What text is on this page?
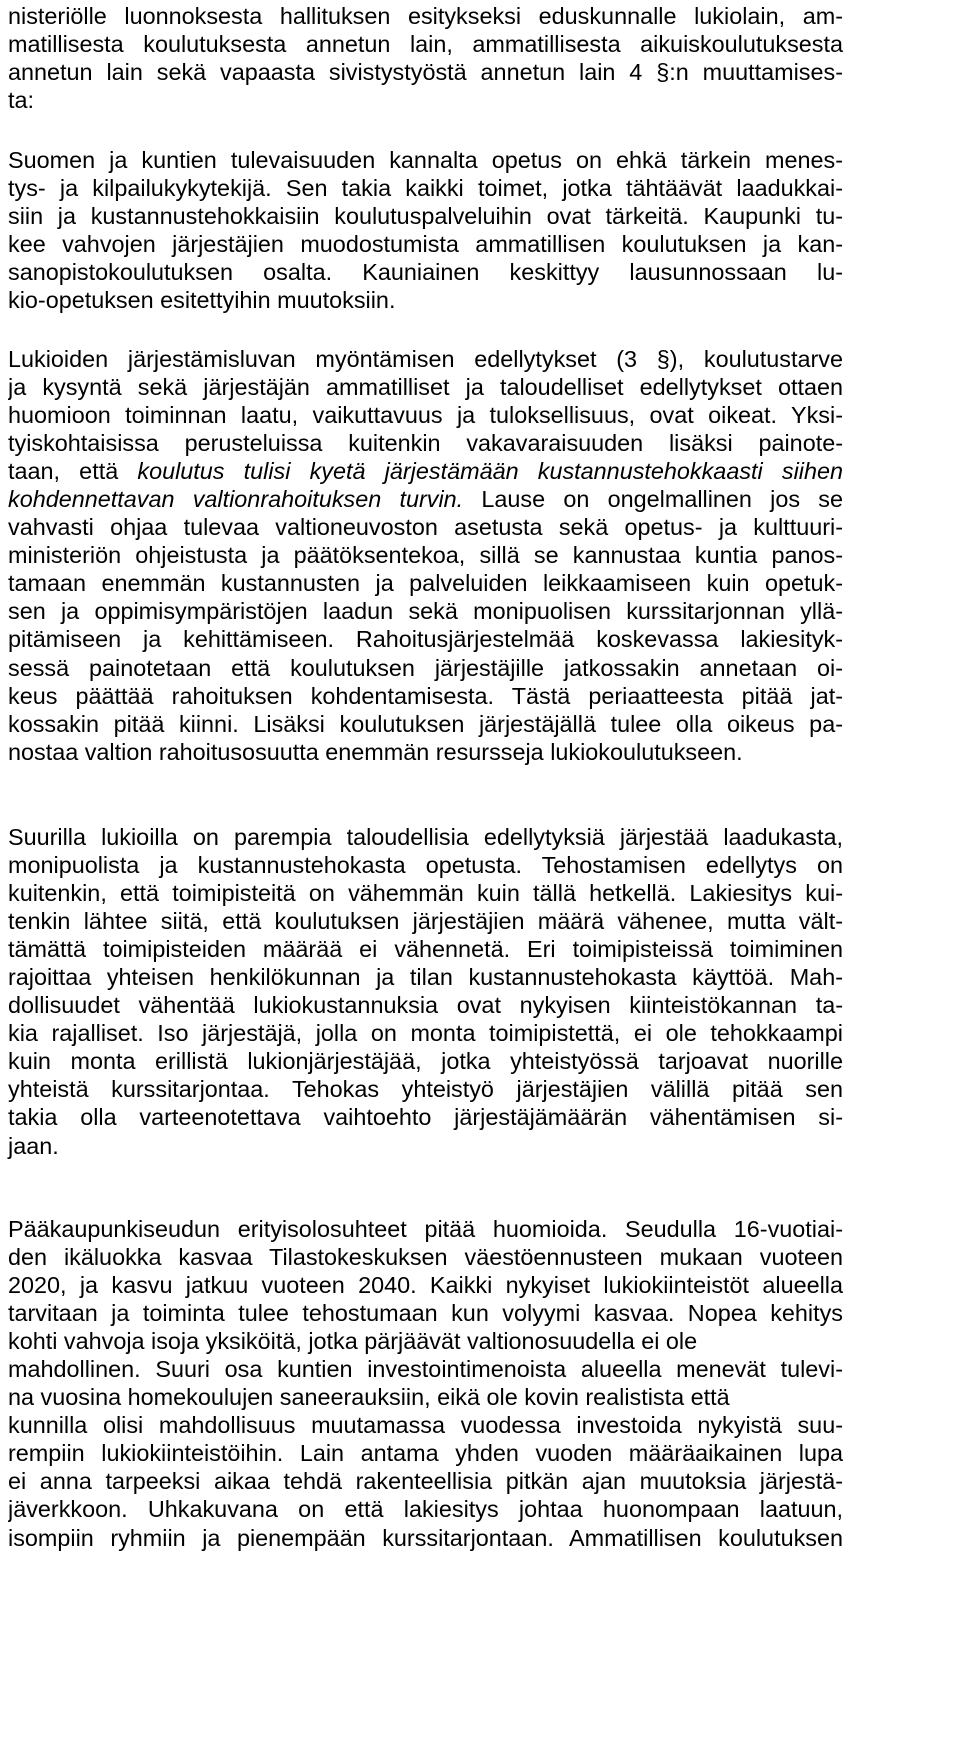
nisteriölle luonnoksesta hallituksen esitykseksi eduskunnalle lukiolain, am-
matillisesta koulutuksesta annetun lain, ammatillisesta aikuiskoulutuksesta
annetun lain sekä vapaasta sivistystyöstä annetun lain 4 §:n muuttamises-
ta:
Suomen ja kuntien tulevaisuuden kannalta opetus on ehkä tärkein menes-
tys- ja kilpailukykytekijä. Sen takia kaikki toimet, jotka tähtäävät laadukkai-
siin ja kustannustehokkaisiin koulutuspalveluihin ovat tärkeitä. Kaupunki tu-
kee vahvojen järjestäjien muodostumista ammatillisen koulutuksen ja kan-
sanopistokoulutuksen osalta. Kauniainen keskittyy lausunnossaan lu-
kio-opetuksen esitettyihin muutoksiin.
Lukioiden järjestämisluvan myöntämisen edellytykset (3 §), koulutustarve
ja kysyntä sekä järjestäjän ammatilliset ja taloudelliset edellytykset ottaen
huomioon toiminnan laatu, vaikuttavuus ja tuloksellisuus, ovat oikeat. Yksi-
tyiskohtaisissa perusteluissa kuitenkin vakavaraisuuden lisäksi painote-
taan, että koulutus tulisi kyetä järjestämään kustannustehokkaasti siihen
kohdennettavan valtionrahoituksen turvin. Lause on ongelmallinen jos se
vahvasti ohjaa tulevaa valtioneuvoston asetusta sekä opetus- ja kulttuuri-
ministeriön ohjeistusta ja päätöksentekoa, sillä se kannustaa kuntia panos-
tamaan enemmän kustannusten ja palveluiden leikkaamiseen kuin opetuk-
sen ja oppimisympäristöjen laadun sekä monipuolisen kurssitarjonnan yllä-
pitämiseen ja kehittämiseen. Rahoitusjärjestelmää koskevassa lakiesityk-
sessä painotetaan että koulutuksen järjestäjille jatkossakin annetaan oi-
keus päättää rahoituksen kohdentamisesta. Tästä periaatteesta pitää jat-
kossakin pitää kiinni. Lisäksi koulutuksen järjestäjällä tulee olla oikeus pa-
nostaa valtion rahoitusosuutta enemmän resursseja lukiokoulutukseen.
Suurilla lukioilla on parempia taloudellisia edellytyksiä järjestää laadukasta,
monipuolista ja kustannustehokasta opetusta. Tehostamisen edellytys on
kuitenkin, että toimipisteitä on vähemmän kuin tällä hetkellä. Lakiesitys kui-
tenkin lähtee siitä, että koulutuksen järjestäjien määrä vähenee, mutta vält-
tämättä toimipisteiden määrää ei vähennetä. Eri toimipisteissä toimiminen
rajoittaa yhteisen henkilökunnan ja tilan kustannustehokasta käyttöä. Mah-
dollisuudet vähentää lukiokustannuksia ovat nykyisen kiinteistökannan ta-
kia rajalliset. Iso järjestäjä, jolla on monta toimipistettä, ei ole tehokkaampi
kuin monta erillistä lukionjärjestäjää, jotka yhteistyössä tarjoavat nuorille
yhteistä kurssitarjontaa. Tehokas yhteistyö järjestäjien välillä pitää sen
takia olla varteenotettava vaihtoehto järjestäjämäärän vähentämisen si-
jaan.
Pääkaupunkiseudun erityisolosuhteet pitää huomioida. Seudulla 16-vuotiai-
den ikäluokka kasvaa Tilastokeskuksen väestöennusteen mukaan vuoteen
2020, ja kasvu jatkuu vuoteen 2040. Kaikki nykyiset lukiokiinteistöt alueella
tarvitaan ja toiminta tulee tehostumaan kun volyymi kasvaa. Nopea kehitys
kohti vahvoja isoja yksiköitä, jotka pärjäävät valtionosuudella ei ole
mahdollinen. Suuri osa kuntien investointimenoista alueella menevät tulevi-
na vuosina homekoulujen saneerauksiin, eikä ole kovin realistista että
kunnilla olisi mahdollisuus muutamassa vuodessa investoida nykyistä suu-
rempiin lukiokiinteistöihin. Lain antama yhden vuoden määräaikainen lupa
ei anna tarpeeksi aikaa tehdä rakenteellisia pitkän ajan muutoksia järjestä-
jäverkkoon. Uhkakuvana on että lakiesitys johtaa huonompaan laatuun,
isompiin ryhmiin ja pienempään kurssitarjontaan. Ammatillisen koulutuksen
